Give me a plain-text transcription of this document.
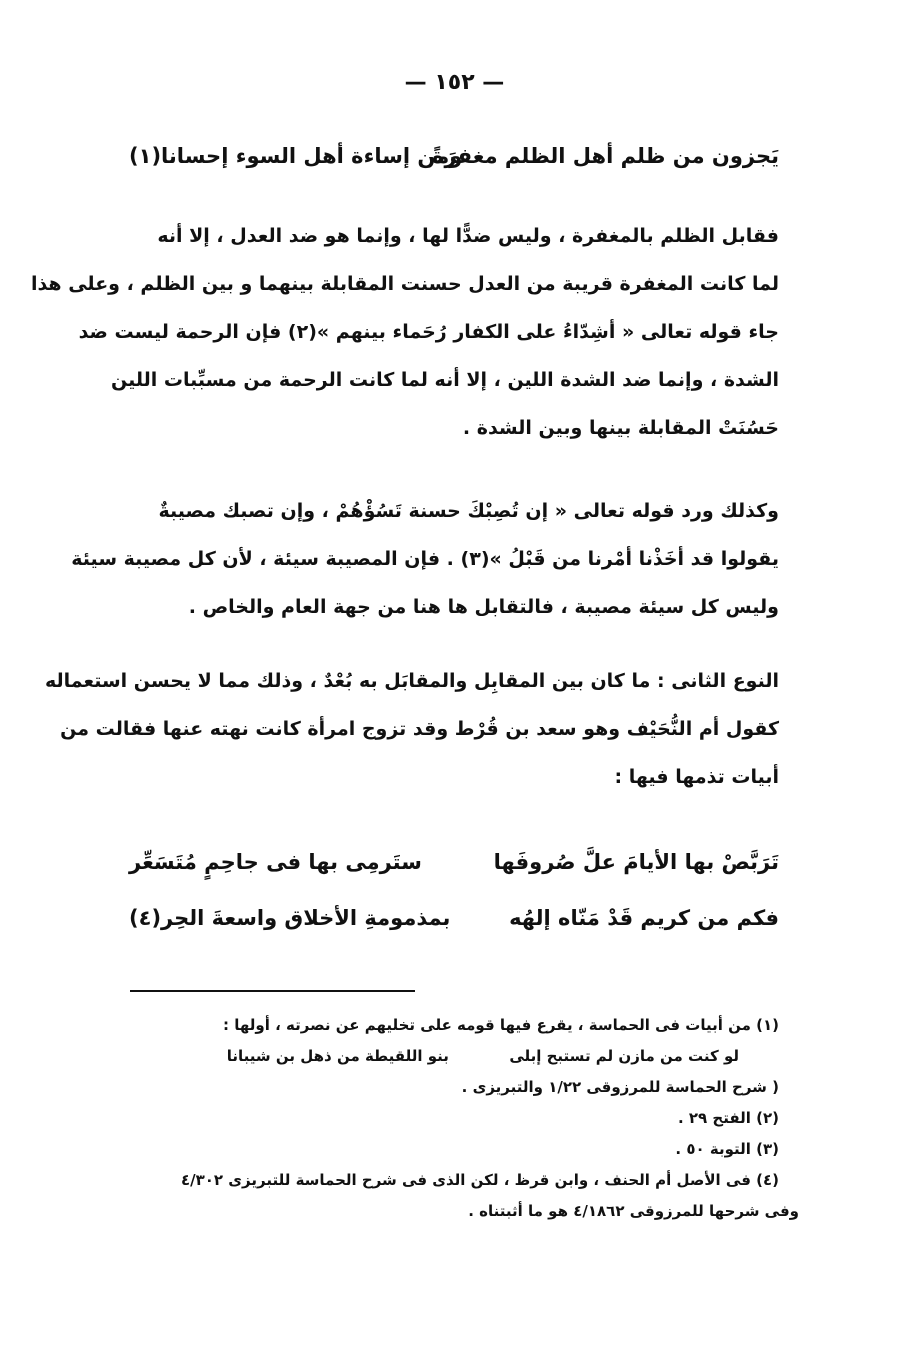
— ١٥٢ —
يَجزون من ظلم أهل الظلم مغفرَةً
ومن إساءة أهل السوء إحسانا(١)
فقابل الظلم بالمغفرة ، وليس ضدًّا لها ، وإنما هو ضد العدل ، إلا أنه
لما كانت المغفرة قريبة من العدل حسنت المقابلة بينهما و بين الظلم ، وعلى هذا
جاء قوله تعالى « أشِدّاءُ على الكفار رُحَماء بينهم »(٢) فإن الرحمة ليست ضد
الشدة ، وإنما ضد الشدة اللين ، إلا أنه لما كانت الرحمة من مسبِّبات اللين
حَسُنَتْ المقابلة بينها وبين الشدة .
وكذلك ورد قوله تعالى « إن تُصِبْكَ حسنة تَسُؤْهُمْ ، وإن تصبك مصيبةٌ
يقولوا قد أخَذْنا أمْرنا من قَبْلُ »(٣) . فإن المصيبة سيئة ، لأن كل مصيبة سيئة
وليس كل سيئة مصيبة ، فالتقابل ها هنا من جهة العام والخاص .
النوع الثانى : ما كان بين المقابِل والمقابَل به بُعْدٌ ، وذلك مما لا يحسن استعماله
كقول أم النُّحَيْف وهو سعد بن قُرْط وقد تزوج امرأة كانت نهته عنها فقالت من
أبيات تذمها فيها :
تَرَبَّصْ بها الأيامَ علَّ صُروفَها
ستَرمِى بها فى جاحِمٍ مُتَسَعِّر
فكم من كريم قَدْ مَنّاه إلهُه
بمذمومةِ الأخلاق واسعةَ الحِر(٤)
(١) من أبيات فى الحماسة ، يقرع فيها قومه على تخليهم عن نصرته ، أولها :
لو كنت من مازن لم تستبح إبلى  بنو اللقيطة من ذهل بن شيبانا
( شرح الحماسة للمرزوقى ١/٢٢ والتبريزى .
(٢) الفتح ٢٩ .
(٣) التوبة ٥٠ .
(٤) فى الأصل أم الحنف ، وابن قرظ ، لكن الذى فى شرح الحماسة للتبريزى ٤/٣٠٢
وفى شرحها للمرزوقى ٤/١٨٦٢ هو ما أثبتناه .
